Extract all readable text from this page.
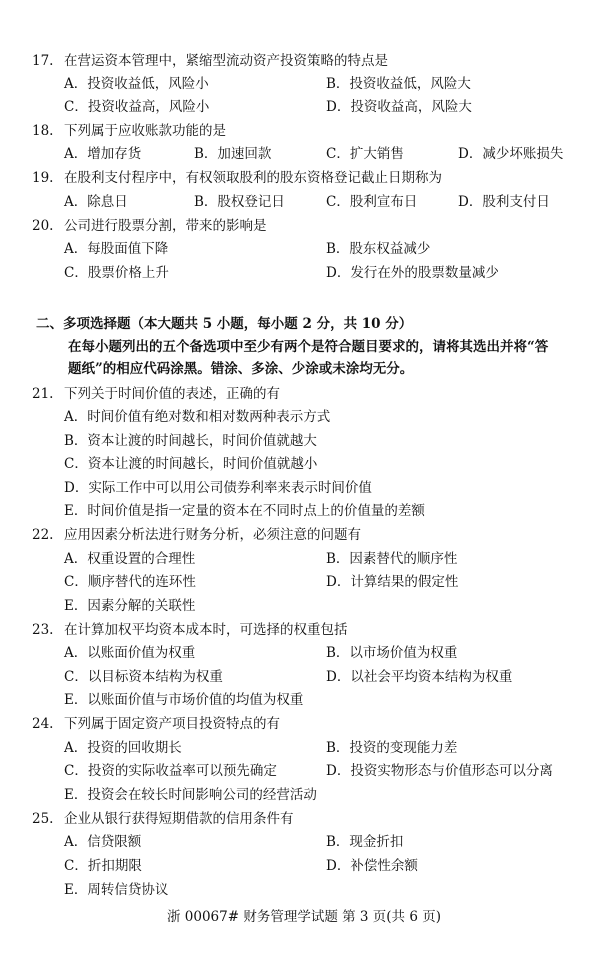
17. 在营运资本管理中，紧缩型流动资产投资策略的特点是
A．投资收益低，风险小	B．投资收益低，风险大
C．投资收益高，风险小	D．投资收益高，风险大
18. 下列属于应收账款功能的是
A．增加存货	B．加速回款	C．扩大销售	D．减少坏账损失
19. 在股利支付程序中，有权领取股利的股东资格登记截止日期称为
A．除息日	B．股权登记日	C．股利宣布日	D．股利支付日
20. 公司进行股票分割，带来的影响是
A．每股面值下降	B．股东权益减少
C．股票价格上升	D．发行在外的股票数量减少
二、多项选择题（本大题共 5 小题，每小题 2 分，共 10 分）
在每小题列出的五个备选项中至少有两个是符合题目要求的，请将其选出并将“答
题纸”的相应代码涂黑。错涂、多涂、少涂或未涂均无分。
21. 下列关于时间价值的表述，正确的有
A．时间价值有绝对数和相对数两种表示方式
B．资本让渡的时间越长，时间价值就越大
C．资本让渡的时间越长，时间价值就越小
D．实际工作中可以用公司债券利率来表示时间价值
E．时间价值是指一定量的资本在不同时点上的价值量的差额
22. 应用因素分析法进行财务分析，必须注意的问题有
A．权重设置的合理性	B．因素替代的顺序性
C．顺序替代的连环性	D．计算结果的假定性
E．因素分解的关联性
23. 在计算加权平均资本成本时，可选择的权重包括
A．以账面价值为权重	B．以市场价值为权重
C．以目标资本结构为权重	D．以社会平均资本结构为权重
E．以账面价值与市场价值的均值为权重
24. 下列属于固定资产项目投资特点的有
A．投资的回收期长	B．投资的变现能力差
C．投资的实际收益率可以预先确定	D．投资实物形态与价值形态可以分离
E．投资会在较长时间影响公司的经营活动
25. 企业从银行获得短期借款的信用条件有
A．信贷限额	B．现金折扣
C．折扣期限	D．补偿性余额
E．周转信贷协议
浙 00067# 财务管理学试题 第 3 页(共 6 页)
